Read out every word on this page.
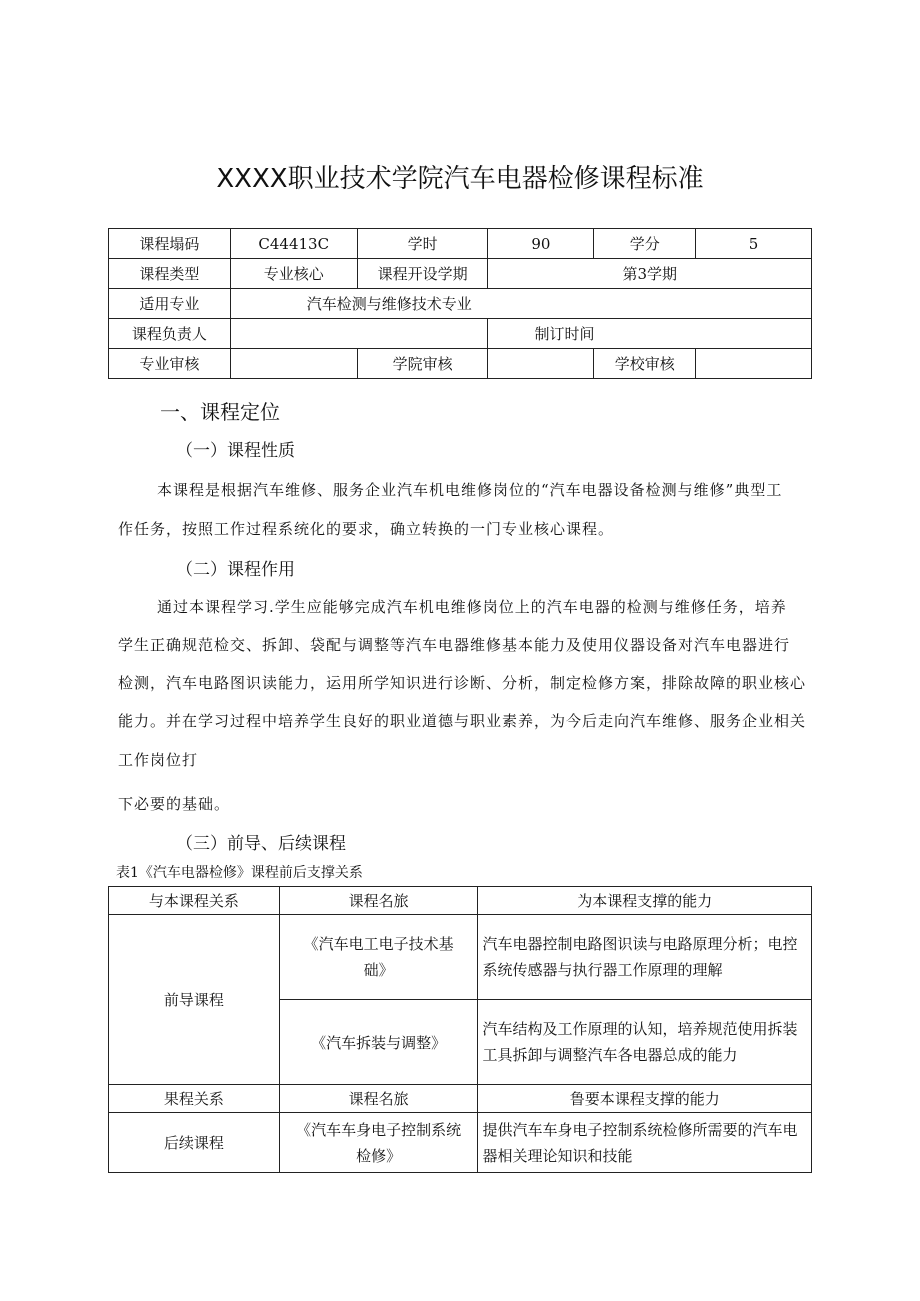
XXXX职业技术学院汽车电器检修课程标准
课程塌码	C44413C	学时	90	学分	5
课程类型	专业核心	课程开设学期	第3学期		
适用专业	汽车检测与维修技术专业				
课程负责人			制订时间		
专业审核		学院审核		学校审核	
一、课程定位
（一）课程性质
本课程是根据汽车维修、服务企业汽车机电维修岗位的“汽车电器设备检测与维修”典型工
作任务，按照工作过程系统化的要求，确立转换的一门专业核心课程。
（二）课程作用
通过本课程学习.学生应能够完成汽车机电维修岗位上的汽车电器的检测与维修任务，培养
学生正确规范检交、拆卸、袋配与调整等汽车电器维修基本能力及使用仪器设备对汽车电器进行
检测，汽车电路图识读能力，运用所学知识进行诊断、分析，制定检修方案，排除故障的职业核心
能力。并在学习过程中培养学生良好的职业道德与职业素养，为今后走向汽车维修、服务企业相关
工作岗位打
下必要的基础。
（三）前导、后续课程
表1《汽车电器检修》课程前后支撑关系
与本课程关系	课程名旅	为本课程支撑的能力
前导课程	《汽车电工电子技术基础》	汽车电器控制电路图识读与电路原理分析；电控系统传感器与执行器工作原理的理解
	《汽车拆装与调整》	汽车结构及工作原理的认知，培养规范使用拆装工具拆卸与调整汽车各电器总成的能力
果程关系	课程名旅	鲁要本课程支撑的能力
后续课程	《汽车车身电子控制系统检修》	提供汽车车身电子控制系统检修所需要的汽车电器相关理论知识和技能
